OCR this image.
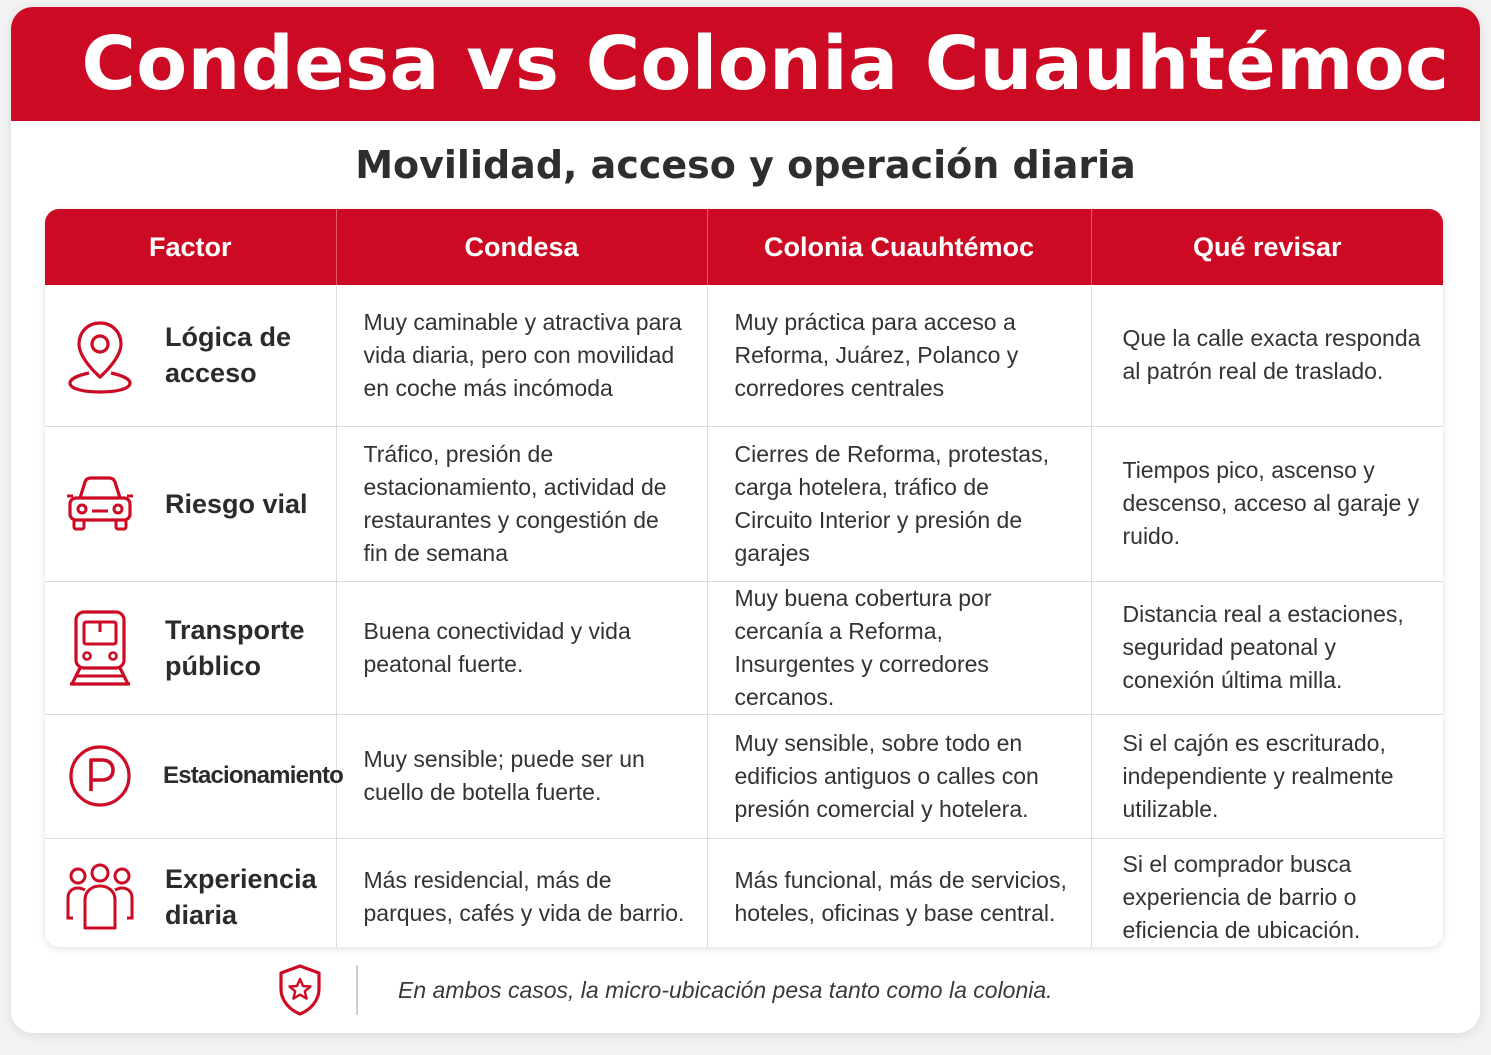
Condesa vs Colonia Cuauhtémoc
Movilidad, acceso y operación diaria
Factor	Condesa	Colonia Cuauhtémoc	Qué revisar

Lógica de acceso	Muy caminable y atractiva para vida diaria, pero con movilidad en coche más incómoda	Muy práctica para acceso a Reforma, Juárez, Polanco y corredores centrales	Que la calle exacta responda al patrón real de traslado.

Riesgo vial	Tráfico, presión de estacionamiento, actividad de restaurantes y congestión de fin de semana	Cierres de Reforma, protestas, carga hotelera, tráfico de Circuito Interior y presión de garajes	Tiempos pico, ascenso y descenso, acceso al garaje y ruido.

Transporte público	Buena conectividad y vida peatonal fuerte.	Muy buena cobertura por cercanía a Reforma, Insurgentes y corredores cercanos.	Distancia real a estaciones, seguridad peatonal y conexión última milla.

Estacionamiento	Muy sensible; puede ser un cuello de botella fuerte.	Muy sensible, sobre todo en edificios antiguos o calles con presión comercial y hotelera.	Si el cajón es escriturado, independiente y realmente utilizable.

Experiencia diaria	Más residencial, más de parques, cafés y vida de barrio.	Más funcional, más de servicios, hoteles, oficinas y base central.	Si el comprador busca experiencia de barrio o eficiencia de ubicación.
En ambos casos, la micro-ubicación pesa tanto como la colonia.
